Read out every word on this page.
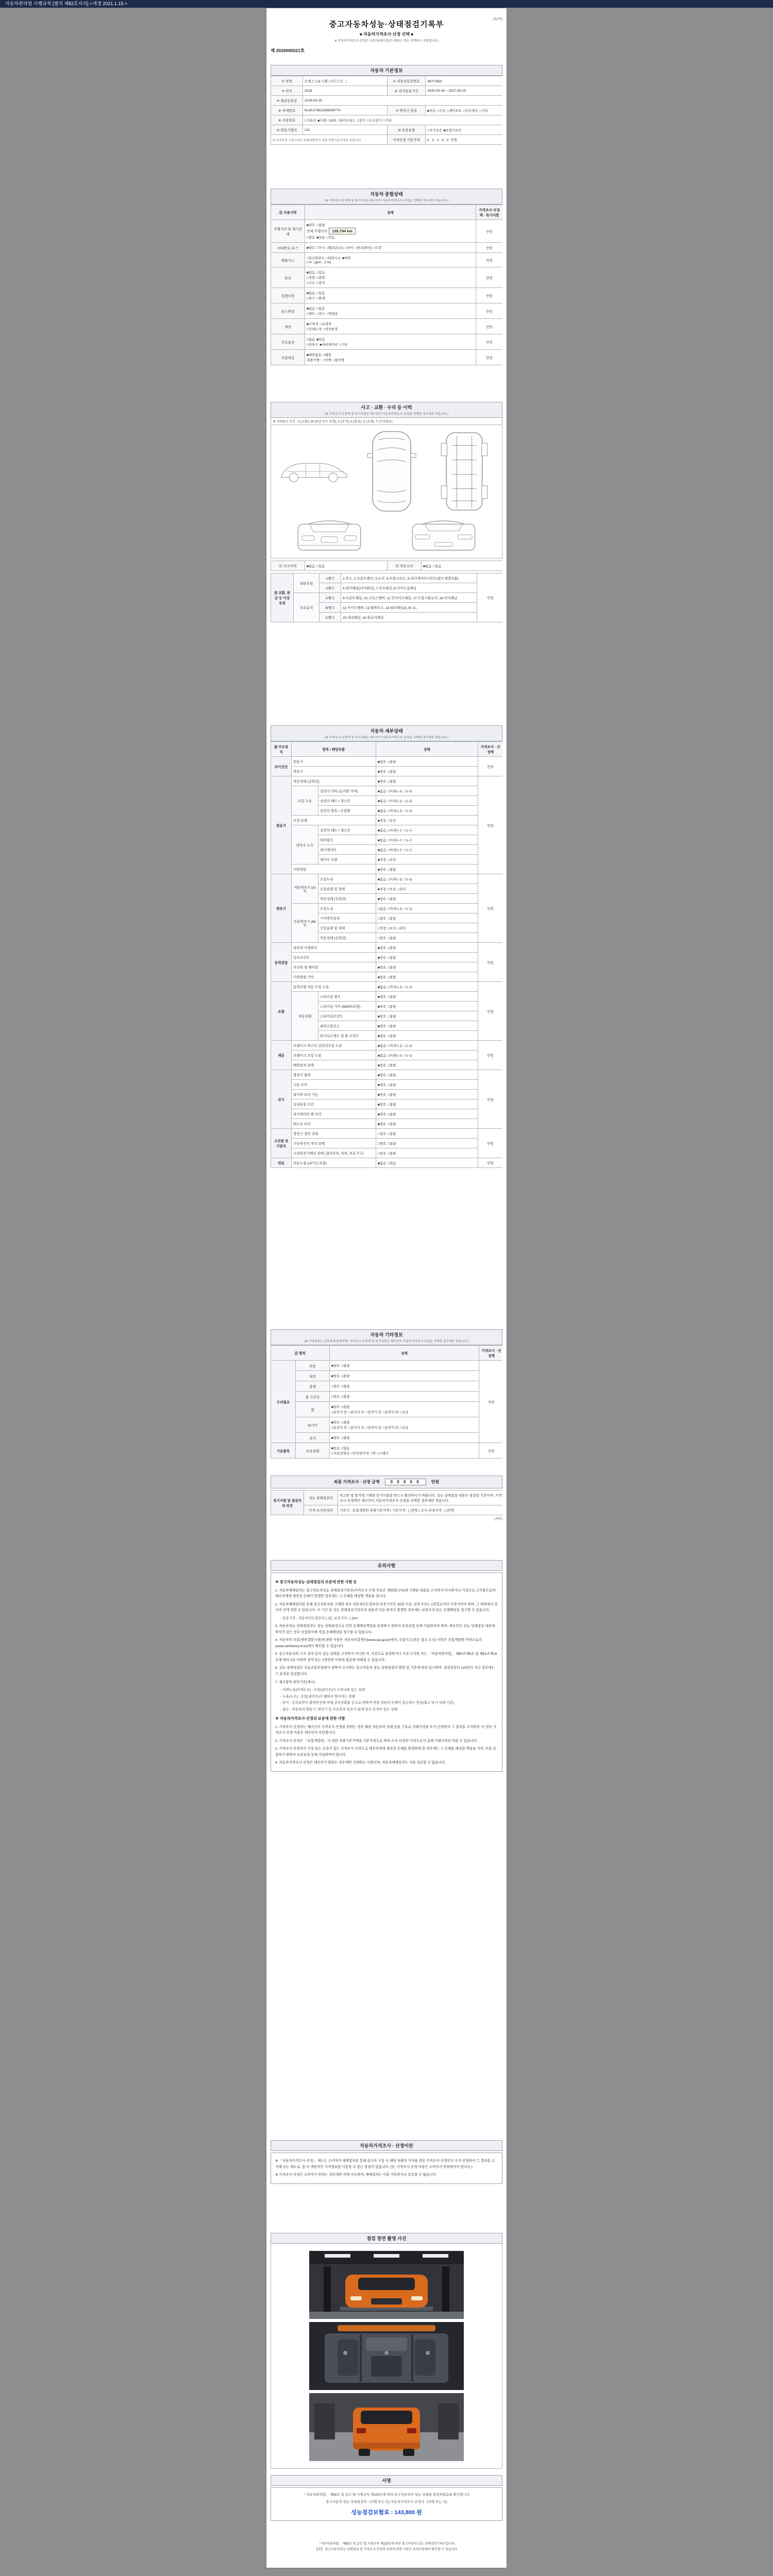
자동차관리법 시행규칙 [별지 제82호서식] <개정 2021.1.19.>
(제1쪽)
중고자동차성능·상태점검기록부
■ 자동차가격조사·산정 선택 ■
※ 자동차가격조사·산정은 소비자(매수인)가 원하는 경우 선택하는 사항입니다.
제 2026005021호
자동차 기본정보
① 차명	트랙스 1.6 디젤 (세부모델 : )	② 자동차등록번호	35머7950
③ 연식	2019	④ 검사유효기간	2025-03-19 ~ 2027-03-19
⑤ 최초등록일	2019-03-19		
⑥ 차대번호	KL4CA7BCDKB939774	⑦ 변속기 종류	■자동 □수동 □세미오토 □무단변속 □기타
⑧ 사용연료	□가솔린 ■디젤 □LPG □하이브리드 □전기 □수소전기 □기타		
⑨ 원동기형식	LVL	⑩ 보증유형	□자가보증 ■보험사보증
※ 가격산정 기준가격은 보험개발원이 정한 차량기준가액을 말합니다.		가격산정 기준가격	0 0 0 0 0 만원
자동차 종합상태
(※ 가격조사·산정액 및 특기사항은 매수인이 자동차가격조사·산정을 선택한 경우에만 적습니다.)
⑪ 사용이력	상태	가격조사·산정액 · 특기사항
주행거리 및 계기상태	■양호 □불량
현재 주행거리 139,794 km
□많음 ■보통 □적음	만원
차대번호 표기	■양호 □부식 □훼손(오손) □상이 □변조(변타) □도말	만원
배출가스	□일산화탄소 □탄화수소 ■매연
( % , ppm , 2 %)	만원
튜닝	■없음 □있음
□적법 □불법
□구조 □장치	만원
특별이력	■없음 □있음
□침수 □화재	만원
용도변경	■없음 □있음
□렌트 □리스 □영업용	만원
색상	■무채색 □유채색
□전체도색 □색상변경	만원
주요옵션	□없음 ■있음
□썬루프 ■네비게이션 □기타	만원
리콜대상	■해당없음 □해당
리콜이행 : □이행 □불이행	만원
사고 · 교환 · 수리 등 이력
(※ 가격조사·산정액 및 특기사항은 매수인이 자동차가격조사·산정을 선택한 경우에만 적습니다.)
※ 상태표시 부호 : X (교환), W (판금 또는 용접), C (부식), A (흠집), U (요철), T (수리필요)
⑰ 사고이력	■없음 □있음	⑱ 단순수리	■없음 □있음
⑲ 교환, 판금 등 이상 부위	외판부위	1랭크	1.후드, 2.프론트펜더, 3.도어, 4.트렁크리드, 5.라디에이터서포트(볼트체결부품)	만원
		2랭크	6.쿼터패널(리어펜더), 7.루프패널, 8.사이드실패널	
	주요골격	A랭크	9.프론트패널, 10.크로스멤버, 11.인사이드패널, 17.트렁크플로어, 18.리어패널	
		B랭크	12.사이드멤버, 13.휠하우스, 14.필러패널(A, B, C)	
		C랭크	15.대쉬패널, 16.플로어패널	
자동차 세부상태
(※ 가격조사·산정액 및 특기사항은 매수인이 자동차가격조사·산정을 선택한 경우에만 적습니다.)
⑳ 주요장치	항목 / 해당부품		상태	가격조사 · 산정액
자기진단	원동기		■양호 □불량	만원
	변속기		■양호 □불량	
원동기	작동상태 (공회전)		■양호 □불량	만원
	오일 누유	실린더 커버 (로커암 커버)	■없음 □미세누유 □누유	
		실린더 헤드 / 개스킷	■없음 □미세누유 □누유	
		실린더 블록 / 오일팬	■없음 □미세누유 □누유	
	오일 유량		■적정 □부족	
	냉각수 누수	실린더 헤드 / 개스킷	■없음 □미세누수 □누수	
		워터펌프	■없음 □미세누수 □누수	
		라디에이터	■없음 □미세누수 □누수	
		냉각수 수량	■적정 □부족	
	커먼레일		■양호 □불량	
변속기	자동변속기 (A/T)	오일누유	■없음 □미세누유 □누유	만원
		오일유량 및 상태	■적정 □부족 □과다	
		작동상태 (공회전)	■양호 □불량	
	수동변속기 (M/T)	오일누유	□없음 □미세누유 □누유	
		기어변속장치	□양호 □불량	
		오일유량 및 상태	□적정 □부족 □과다	
		작동상태 (공회전)	□양호 □불량	
동력전달	클러치 어셈블리		■양호 □불량	만원
	등속조인트		■양호 □불량	
	추진축 및 베어링		■양호 □불량	
	디퍼렌셜 기어		■양호 □불량	
조향	동력조향 작동 오일 누유		■없음 □미세누유 □누유	만원
	작동상태	스티어링 펌프	■양호 □불량	
		스티어링 기어 (MDPS포함)	■양호 □불량	
		스티어링조인트	■양호 □불량	
		파워고압호스	■양호 □불량	
		타이로드엔드 및 볼 조인트	■양호 □불량	
제동	브레이크 마스터 실린더오일 누유		■없음 □미세누유 □누유	만원
	브레이크 오일 누유		■없음 □미세누유 □누유	
	배력장치 상태		■양호 □불량	
전기	발전기 출력		■양호 □불량	만원
	시동 모터		■양호 □불량	
	와이퍼 모터 기능		■양호 □불량	
	실내송풍 모터		■양호 □불량	
	라디에이터 팬 모터		■양호 □불량	
	윈도우 모터		■양호 □불량	
고전원 전기장치	충전구 절연 상태		□양호 □불량	만원
	구동축전지 격리 상태		□양호 □불량	
	고전원전기배선 상태 (접속단자, 피복, 보호기구)		□양호 □불량	
연료	연료누출 (LP가스포함)		■없음 □있음	만원
자동차 기타정보
(※ 기타정보는 승용차에 한정하며, 가격조사·산정액 및 특기사항은 매수인이 자동차가격조사·산정을 선택한 경우에만 적습니다.)
㉑ 항목		상태	가격조사 · 산정액
수리필요	외장	■양호 □불량	만원
	내장	■양호 □불량	

	광택	□양호 □불량	

	룸 크리닝	□양호 □불량	

	휠	■양호 □불량
□운전석 앞 □운전석 뒤 □동반석 앞 □동반석 뒤 □응급	

	타이어	■양호 □불량
□운전석 앞 □운전석 뒤 □동반석 앞 □동반석 뒤 □응급	

	유리	■양호 □불량	

기본품목	보유상태	■있음 □없음
□사용설명서 □안전삼각대 □잭 □스패너	만원
최종 가격조사 · 산정 금액	0 0 0 0 0	만원
특기사항 및 점검자의 의견	성능·상태점검자	비고란 및 별지에 기재된 특기사항을 반드시 확인하시기 바랍니다. 성능·상태점검 내용은 점검일 기준이며, 가격조사·산정액은 매수인이 자동차가격조사·산정을 선택한 경우에만 적습니다.
	가격·조사산정자	기준서 : 보험개발원 차량기준가액 / 기준가격 : ( )만원 / 조사·산정가격 : ( )만원
(계속)
유의사항
※ 중고자동차성능·상태점검의 보증에 관한 사항 등
1. 자동차매매업자는 중고자동차성능·상태점검기록부(가격조사·산정 부분은 제외합니다)에 기재된 내용을 고지하지 아니하거나 거짓으로 고지함으로써 매수인에게 재산상 손해가 발생한 경우에는 그 손해를 배상할 책임을 집니다.
2. 자동차매매업자를 통해 중고자동차를 구매한 경우 자동차인도일부터 보증기간은 30일 이상, 보증거리는 2천킬로미터 이상이어야 하며, 그 범위에서 당사자 간에 정할 수 있습니다. 이 기간 중 성능·상태점검기록부의 내용과 다른 하자가 발생한 경우에는 보증수리 또는 손해배상을 청구할 수 있습니다.
- 보증기간 : 자동차인도일부터 ( )일, 보증거리 : ( )km
3. 자동차성능·상태점검자는 성능·상태점검으로 인한 손해배상책임을 보장하기 위하여 보증보험 등에 가입하여야 하며, 매수인은 성능·상태점검 내용에 하자가 있는 경우 보험회사에 직접 손해배상을 청구할 수 있습니다.
4. 자동차의 리콜(제작결함시정)에 관한 사항은 자동차리콜센터(www.car.go.kr)에서, 보험사고(전손·침수·도난) 이력은 보험개발원 카히스토리(www.carhistory.or.kr)에서 확인할 수 있습니다.
5. 중고자동차의 구조·장치 등의 성능·상태를 고지하지 아니한 자, 거짓으로 점검하거나 거짓 고지한 자는 「자동차관리법」 제80조제6호 및 제81조제19호에 따라 2년 이하의 징역 또는 2천만원 이하의 벌금에 처해질 수 있습니다.
6. 성능·상태점검은 국토교통부장관이 정하여 고시하는 중고자동차 성능·상태점검의 방법 및 기준에 따라 실시하며, 점검일부터 120일이 지난 경우에는 그 효력을 상실합니다.
7. 체크항목 판단기준(예시)
- 미세누유(미세누수) : 오일(냉각수)이 스며나와 있는 상태
- 누유(누수) : 오일(냉각수)이 맺혀서 떨어지는 상태
- 부식 : 금속표면이 화학반응에 의해 금속산화물 등으로 변하여 전용 강판의 두께가 감소하는 현상(출고 당시 상태 기준)
- 침수 : 자동차의 원동기, 변속기 등 주요장치 일부가 물에 잠긴 흔적이 있는 상태
※ 자동차가격조사·산정의 보증에 관한 사항
1. 가격조사·산정자는 매수인이 가격조사·산정을 원하는 경우 해당 자동차의 상태 등을 기초로 거래가격을 조사·산정하여 그 결과를 고지하며, 이 경우 가격조사·산정 비용은 매수인이 부담합니다.
2. 가격조사·산정은 「보험개발원」이 정한 차량기준가액을 기준가격으로 하여 조사·산정한 가격으로서 실제 거래가격과 다를 수 있습니다.
3. 가격조사·산정자가 거짓 또는 오류가 있는 가격조사·산정으로 매수인에게 재산상 손해를 발생하게 한 경우에는 그 손해를 배상할 책임을 지며, 이를 보장하기 위하여 보증보험 등에 가입하여야 합니다.
4. 자동차가격조사·산정은 매수인이 원하는 경우에만 선택하는 사항이며, 자동차매매업자는 이를 강요할 수 없습니다.
자동차가격조사 · 산정이란
※ 「자동차가격조사·산정」 제도는 소비자가 매매업자를 통해 중고차 구입 시 해당 차량의 가격을 전문 가격조사·산정인이 조사·산정하여 그 결과를 고지해 주는 제도로, 좀 더 객관적인 가격정보를 이용할 수 있는 장점이 있습니다. (단, 가격조사·산정 비용은 소비자가 부담하여야 합니다.)
※ 가격조사·산정은 소비자가 원하는 경우에만 선택 가능하며, 매매업자는 이를 거부하거나 강요할 수 없습니다.
점검 장면 촬영 사진
서명
「자동차관리법」 제58조 및 같은 법 시행규칙 제120조에 따라 중고자동차의 성능·상태를 점검하였음을 확인합니다.
중고자동차 성능·상태점검자 : (서명 또는 인) 자동차가격조사·산정자 : (서명 또는 인)
성능점검보험료 : 143,800 원
「자동차관리법」 제58조 및 같은 법 시행규칙 제120조에 따른 중고자동차 성능·상태점검기록부입니다.
【주】 중고자동차성능·상태점검 및 가격조사·산정의 보증에 관한 사항은 유의사항에서 확인할 수 있습니다.
